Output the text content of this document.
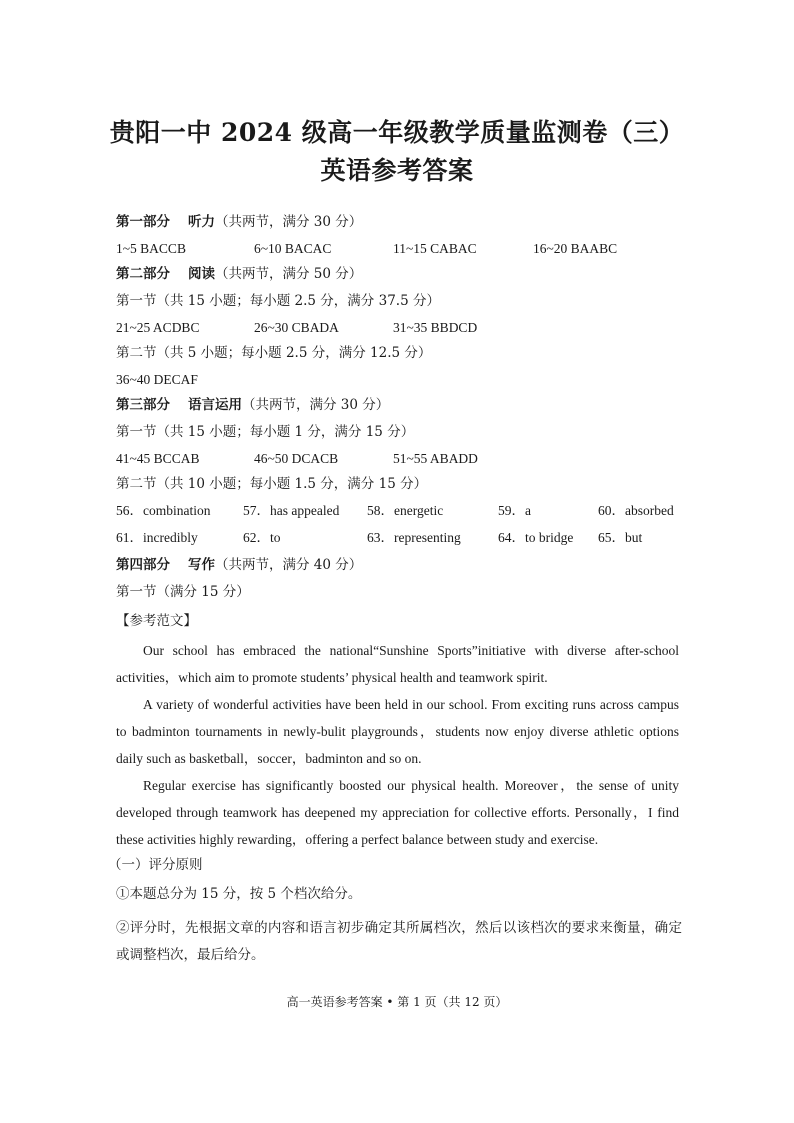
贵阳一中 2024 级高一年级教学质量监测卷（三）
英语参考答案
第一部分 听力（共两节，满分 30 分）
1~5 BACCB	6~10 BACAC	11~15 CABAC	16~20 BAABC
第二部分 阅读（共两节，满分 50 分）
第一节（共 15 小题；每小题 2.5 分，满分 37.5 分）
21~25 ACDBC	26~30 CBADA	31~35 BBDCD
第二节（共 5 小题；每小题 2.5 分，满分 12.5 分）
36~40 DECAF
第三部分 语言运用（共两节，满分 30 分）
第一节（共 15 小题；每小题 1 分，满分 15 分）
41~45 BCCAB	46~50 DCACB	51~55 ABADD
第二节（共 10 小题；每小题 1.5 分，满分 15 分）
56．combination 57．has appealed 58．energetic	59．a	60．absorbed
61．incredibly	62．to	63．representing	64．to bridge 65．but
第四部分 写作（共两节，满分 40 分）
第一节（满分 15 分）
【参考范文】

Our school has embraced the national“Sunshine Sports”initiative with diverse after-school activities，which aim to promote students’ physical health and teamwork spirit.

A variety of wonderful activities have been held in our school. From exciting runs across campus to badminton tournaments in newly-bulit playgrounds，students now enjoy diverse athletic options daily such as basketball，soccer，badminton and so on.

Regular exercise has significantly boosted our physical health. Moreover，the sense of unity developed through teamwork has deepened my appreciation for collective efforts. Personally，I find these activities highly rewarding，offering a perfect balance between study and exercise.

（一）评分原则
①本题总分为 15 分，按 5 个档次给分。
②评分时，先根据文章的内容和语言初步确定其所属档次，然后以该档次的要求来衡量，确定或调整档次，最后给分。
高一英语参考答案 • 第 1 页（共 12 页）
